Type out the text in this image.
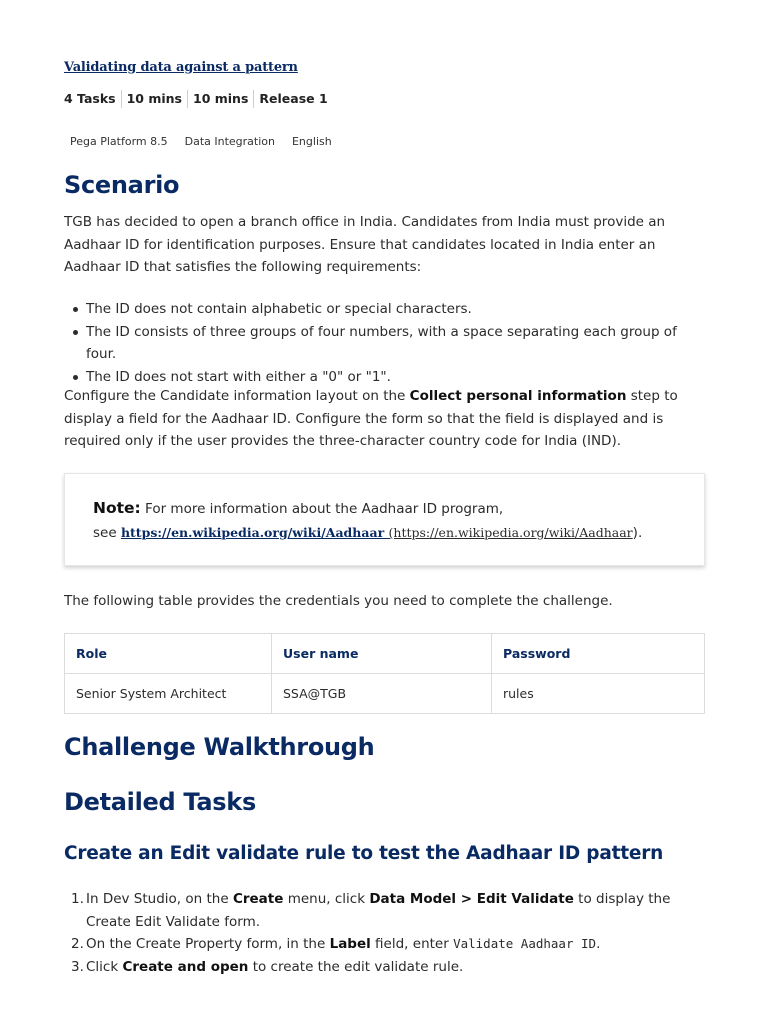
Validating data against a pattern
4 Tasks 10 mins 10 mins Release 1
Pega Platform 8.5	Data Integration	English
Scenario

TGB has decided to open a branch office in India. Candidates from India must provide an Aadhaar ID for identification purposes. Ensure that candidates located in India enter an Aadhaar ID that satisfies the following requirements:

The ID does not contain alphabetic or special characters.
The ID consists of three groups of four numbers, with a space separating each group of four.
The ID does not start with either a "0" or "1".

Configure the Candidate information layout on the Collect personal information step to display a field for the Aadhaar ID. Configure the form so that the field is displayed and is required only if the user provides the three-character country code for India (IND).

Note: For more information about the Aadhaar ID program,
see https://en.wikipedia.org/wiki/Aadhaar (https://en.wikipedia.org/wiki/Aadhaar).

The following table provides the credentials you need to complete the challenge.

Role	User name	Password
Senior System Architect	SSA@TGB	rules
Challenge Walkthrough
Detailed Tasks
Create an Edit validate rule to test the Aadhaar ID pattern
1. In Dev Studio, on the Create menu, click Data Model > Edit Validate to display the Create Edit Validate form.
2. On the Create Property form, in the Label field, enter Validate Aadhaar ID.
3. Click Create and open to create the edit validate rule.
